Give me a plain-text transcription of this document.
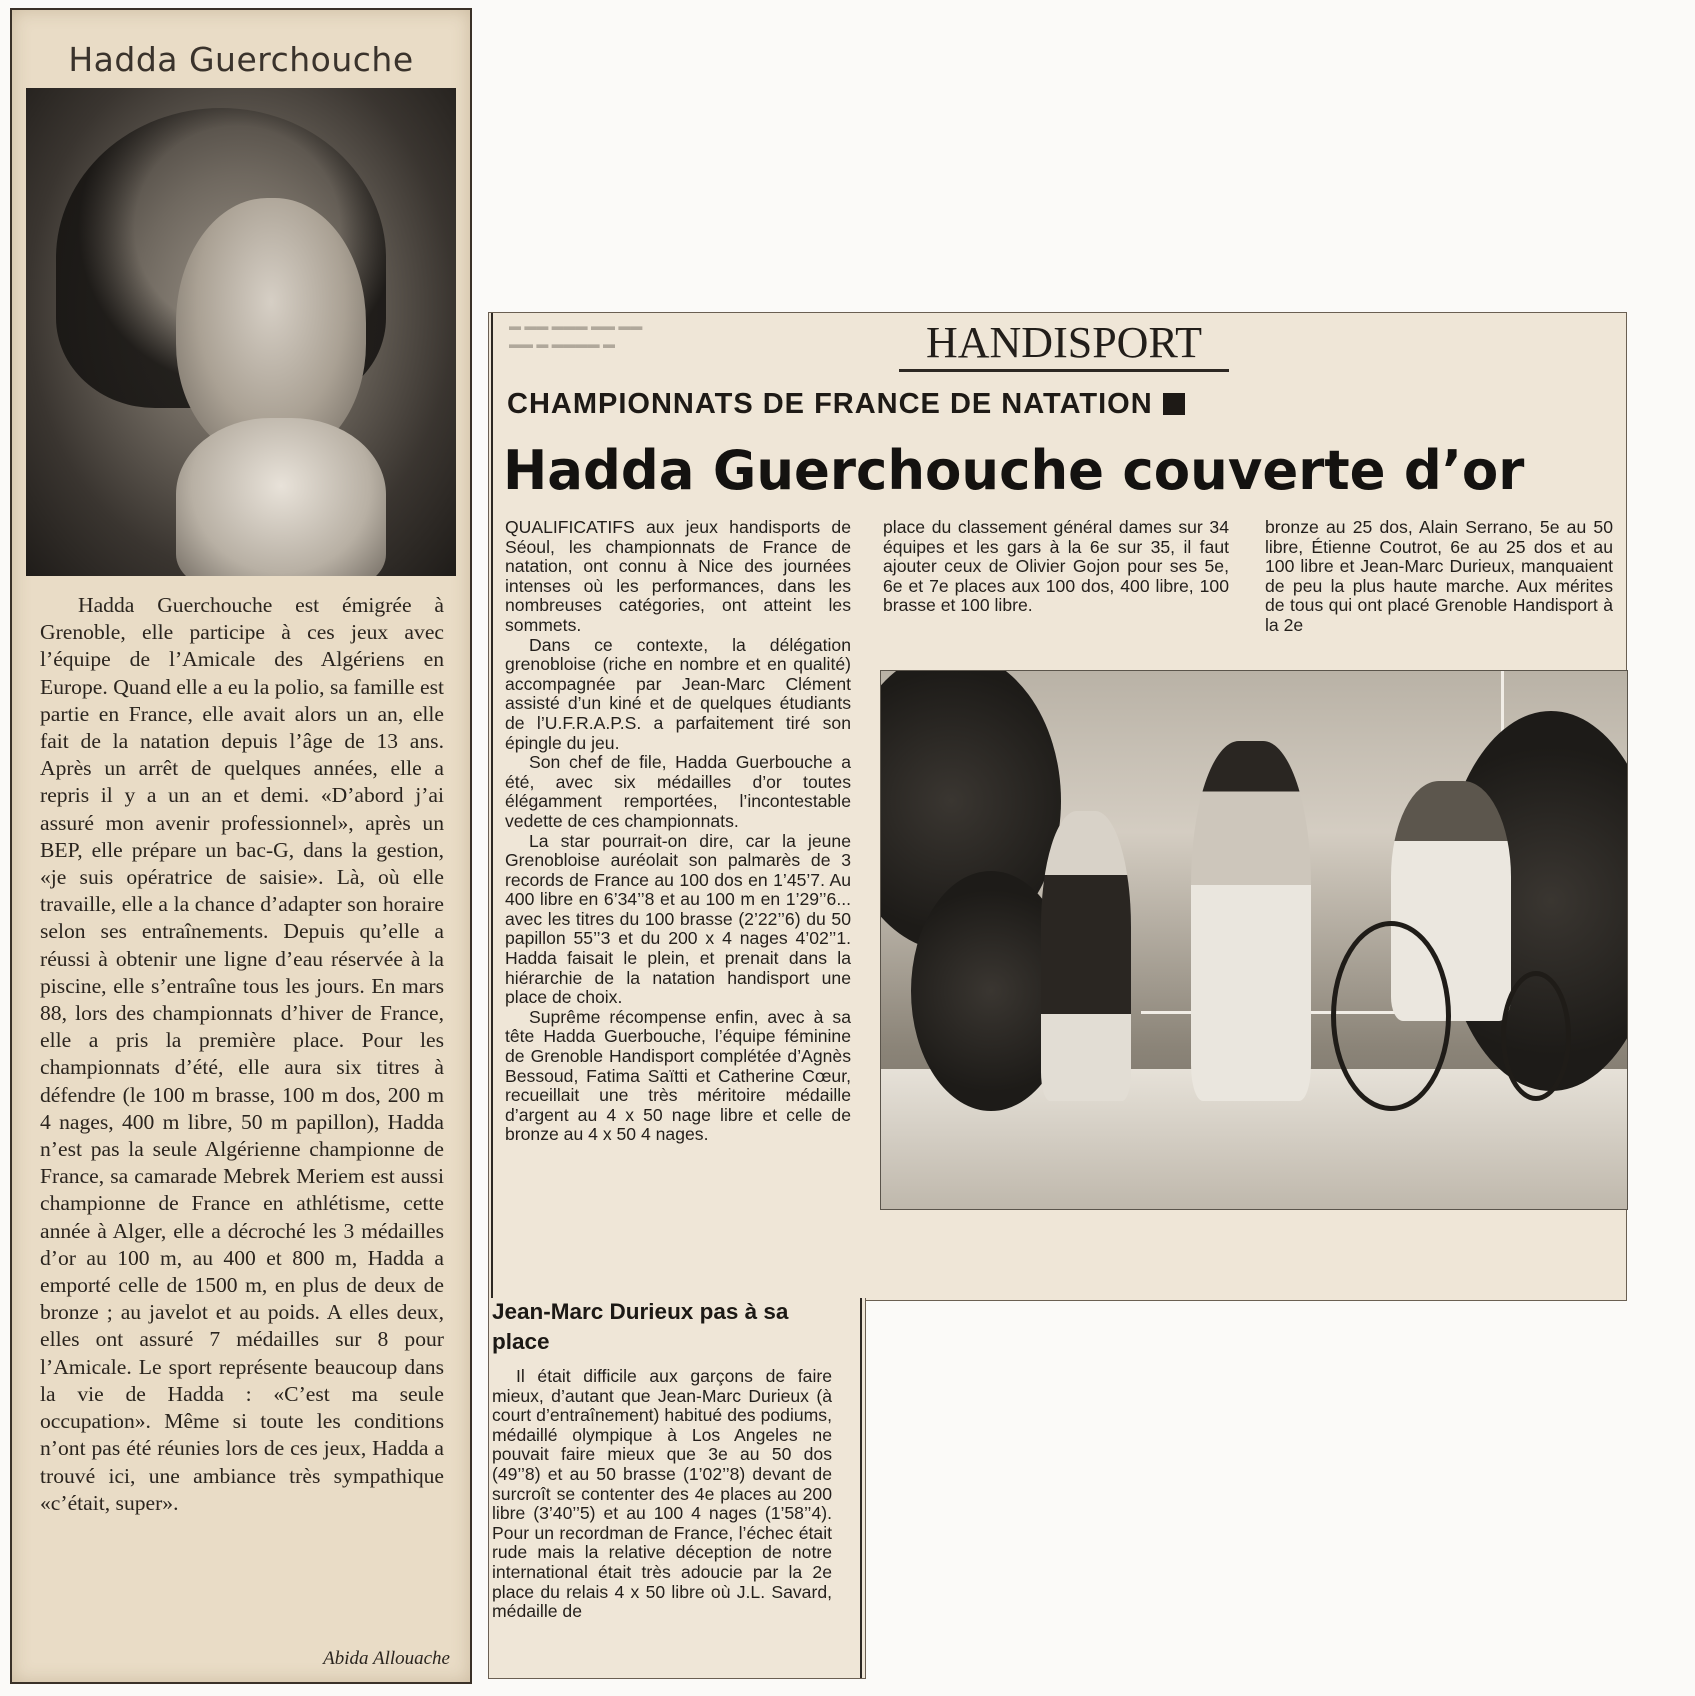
Hadda Guerchouche
Hadda Guerchouche est émigrée à Grenoble, elle participe à ces jeux avec l’équipe de l’Amicale des Algériens en Europe. Quand elle a eu la polio, sa famille est partie en France, elle avait alors un an, elle fait de la natation depuis l’âge de 13 ans. Après un arrêt de quelques années, elle a repris il y a un an et demi. «D’abord j’ai assuré mon avenir professionnel», après un BEP, elle prépare un bac-G, dans la gestion, «je suis opératrice de saisie». Là, où elle travaille, elle a la chance d’adapter son horaire selon ses entraînements. Depuis qu’elle a réussi à obtenir une ligne d’eau réservée à la piscine, elle s’entraîne tous les jours. En mars 88, lors des championnats d’hiver de France, elle a pris la première place. Pour les championnats d’été, elle aura six titres à défendre (le 100 m brasse, 100 m dos, 200 m 4 nages, 400 m libre, 50 m papillon), Hadda n’est pas la seule Algérienne championne de France, sa camarade Mebrek Meriem est aussi championne de France en athlétisme, cette année à Alger, elle a décroché les 3 médailles d’or au 100 m, au 400 et 800 m, Hadda a emporté celle de 1500 m, en plus de deux de bronze ; au javelot et au poids. A elles deux, elles ont assuré 7 médailles sur 8 pour l’Amicale. Le sport représente beaucoup dans la vie de Hadda : «C’est ma seule occupation». Même si toute les conditions n’ont pas été réunies lors de ces jeux, Hadda a trouvé ici, une ambiance très sympathique «c’était, super».
Abida Allouache
▬ ▬▬ ▬▬▬ ▬▬ ▬▬
▬▬ ▬ ▬▬▬▬ ▬	HANDISPORT
CHAMPIONNATS DE FRANCE DE NATATION
Hadda Guerchouche couverte d’or

QUALIFICATIFS aux jeux handisports de Séoul, les championnats de France de natation, ont connu à Nice des journées intenses où les performances, dans les nombreuses catégories, ont atteint les sommets.

Dans ce contexte, la délégation grenobloise (riche en nombre et en qualité) accompagnée par Jean-Marc Clément assisté d’un kiné et de quelques étudiants de l’U.F.R.A.P.S. a parfaitement tiré son épingle du jeu.

Son chef de file, Hadda Guerbouche a été, avec six médailles d’or toutes élégamment remportées, l’incontestable vedette de ces championnats.

La star pourrait-on dire, car la jeune Grenobloise auréolait son palmarès de 3 records de France au 100 dos en 1’45’7. Au 400 libre en 6’34’’8 et au 100 m en 1’29’’6... avec les titres du 100 brasse (2’22’’6) du 50 papillon 55’’3 et du 200 x 4 nages 4’02’’1. Hadda faisait le plein, et prenait dans la hiérarchie de la natation handisport une place de choix.

Suprême récompense enfin, avec à sa tête Hadda Guerbouche, l’équipe féminine de Grenoble Handisport complétée d’Agnès Bessoud, Fatima Saïtti et Catherine Cœur, recueillait une très méritoire médaille d’argent au 4 x 50 nage libre et celle de bronze au 4 x 50 4 nages.

place du classement général dames sur 34 équipes et les gars à la 6e sur 35, il faut ajouter ceux de Olivier Gojon pour ses 5e, 6e et 7e places aux 100 dos, 400 libre, 100 brasse et 100 libre.

bronze au 25 dos, Alain Serrano, 5e au 50 libre, Étienne Coutrot, 6e au 25 dos et au 100 libre et Jean-Marc Durieux, manquaient de peu la plus haute marche. Aux mérites de tous qui ont placé Grenoble Handisport à la 2e

Jean-Marc Durieux pas à sa place

Il était difficile aux garçons de faire mieux, d’autant que Jean-Marc Durieux (à court d’entraînement) habitué des podiums, médaillé olympique à Los Angeles ne pouvait faire mieux que 3e au 50 dos (49’’8) et au 50 brasse (1’02’’8) devant de surcroît se contenter des 4e places au 200 libre (3’40’’5) et au 100 4 nages (1’58’’4). Pour un recordman de France, l’échec était rude mais la relative déception de notre international était très adoucie par la 2e place du relais 4 x 50 libre où J.L. Savard, médaille de
